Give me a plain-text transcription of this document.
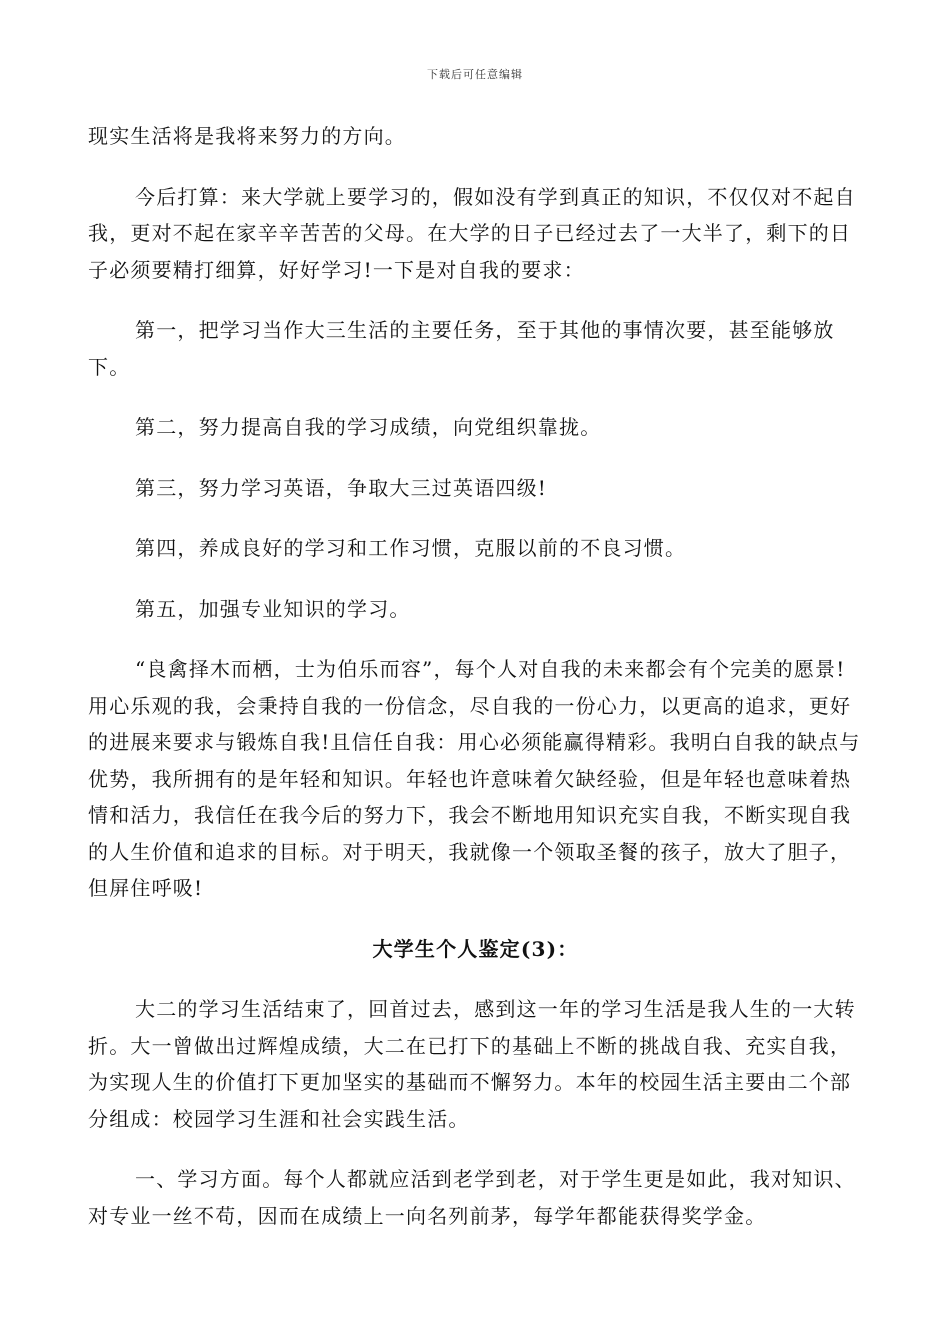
下载后可任意编辑

现实生活将是我将来努力的方向。

今后打算：来大学就上要学习的，假如没有学到真正的知识，不仅仅对不起自我，更对不起在家辛辛苦苦的父母。在大学的日子已经过去了一大半了，剩下的日子必须要精打细算，好好学习!一下是对自我的要求：

第一，把学习当作大三生活的主要任务，至于其他的事情次要，甚至能够放下。

第二，努力提高自我的学习成绩，向党组织靠拢。

第三，努力学习英语，争取大三过英语四级!

第四，养成良好的学习和工作习惯，克服以前的不良习惯。

第五，加强专业知识的学习。

“良禽择木而栖，士为伯乐而容”，每个人对自我的未来都会有个完美的愿景!用心乐观的我，会秉持自我的一份信念，尽自我的一份心力，以更高的追求，更好的进展来要求与锻炼自我!且信任自我：用心必须能赢得精彩。我明白自我的缺点与优势，我所拥有的是年轻和知识。年轻也许意味着欠缺经验，但是年轻也意味着热情和活力，我信任在我今后的努力下，我会不断地用知识充实自我，不断实现自我的人生价值和追求的目标。对于明天，我就像一个领取圣餐的孩子，放大了胆子，但屏住呼吸!

大学生个人鉴定(3)：

大二的学习生活结束了，回首过去，感到这一年的学习生活是我人生的一大转折。大一曾做出过辉煌成绩，大二在已打下的基础上不断的挑战自我、充实自我，为实现人生的价值打下更加坚实的基础而不懈努力。本年的校园生活主要由二个部分组成：校园学习生涯和社会实践生活。

一、学习方面。每个人都就应活到老学到老，对于学生更是如此，我对知识、对专业一丝不苟，因而在成绩上一向名列前茅，每学年都能获得奖学金。
